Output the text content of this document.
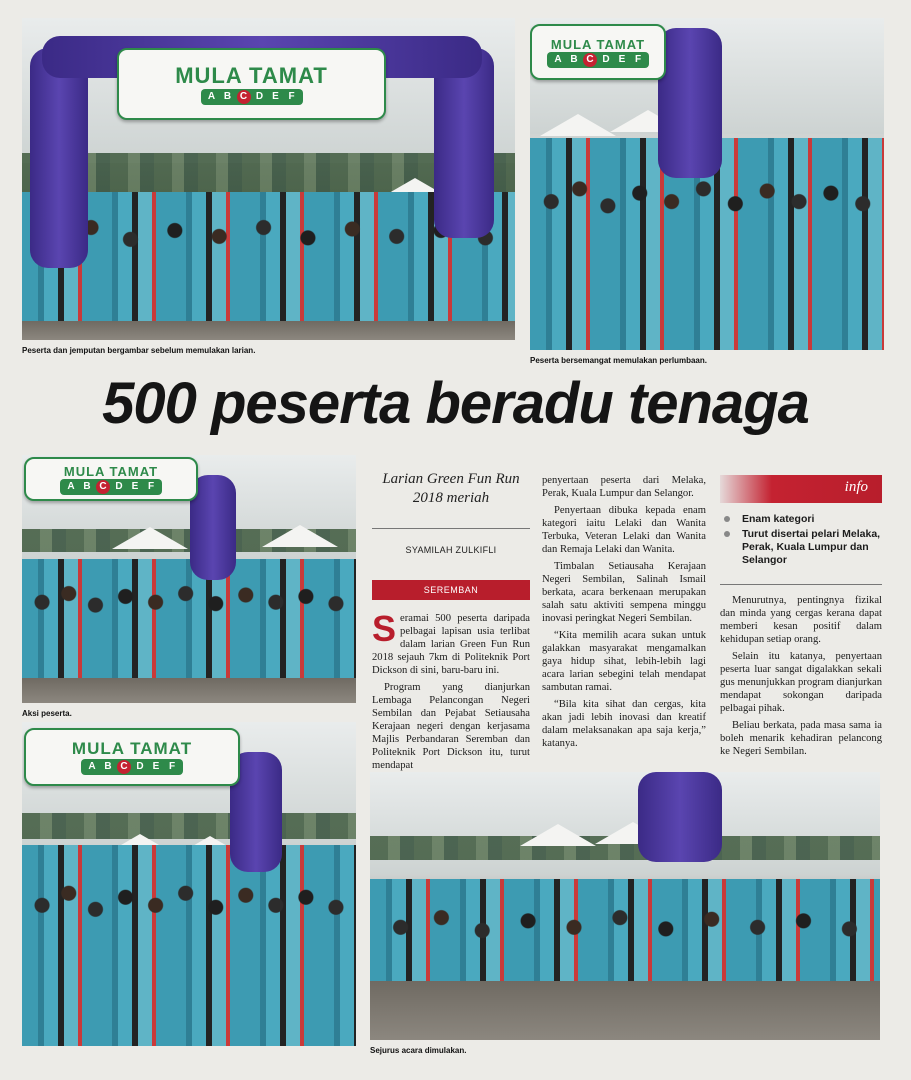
MULA TAMAT
A B C D E F
Peserta dan jemputan bergambar sebelum memulakan larian.
MULA TAMAT
A B C D E F
Peserta bersemangat memulakan perlumbaan.
500 peserta beradu tenaga
MULA TAMAT
A B C D E F
Aksi peserta.
MULA TAMAT
A B C D E F
Sejurus acara dimulakan.
Larian Green Fun Run 2018 meriah
SYAMILAH ZULKIFLI
SEREMBAN

Seramai 500 peserta daripada pelbagai lapisan usia terlibat dalam larian Green Fun Run 2018 sejauh 7km di Politeknik Port Dickson di sini, baru-baru ini.

Program yang dianjurkan Lembaga Pelancongan Negeri Sembilan dan Pejabat Setiausaha Kerajaan negeri dengan kerjasama Majlis Perbandaran Seremban dan Politeknik Port Dickson itu, turut mendapat

penyertaan peserta dari Melaka, Perak, Kuala Lumpur dan Selangor.

Penyertaan dibuka kepada enam kategori iaitu Lelaki dan Wanita Terbuka, Veteran Lelaki dan Wanita dan Remaja Lelaki dan Wanita.

Timbalan Setiausaha Kerajaan Negeri Sembilan, Salinah Ismail berkata, acara berkenaan merupakan salah satu aktiviti sempena minggu inovasi peringkat Negeri Sembilan.

“Kita memilih acara sukan untuk galakkan masyarakat mengamalkan gaya hidup sihat, lebih-lebih lagi acara larian sebegini telah mendapat sambutan ramai.

“Bila kita sihat dan cergas, kita akan jadi lebih inovasi dan kreatif dalam melaksanakan apa saja kerja,” katanya.

info
Enam kategori
Turut disertai pelari Melaka, Perak, Kuala Lumpur dan Selangor

Menurutnya, pentingnya fizikal dan minda yang cergas kerana dapat memberi kesan positif dalam kehidupan setiap orang.

Selain itu katanya, penyertaan peserta luar sangat digalakkan sekali gus menunjukkan program dianjurkan mendapat sokongan daripada pelbagai pihak.

Beliau berkata, pada masa sama ia boleh menarik kehadiran pelancong ke Negeri Sembilan.
